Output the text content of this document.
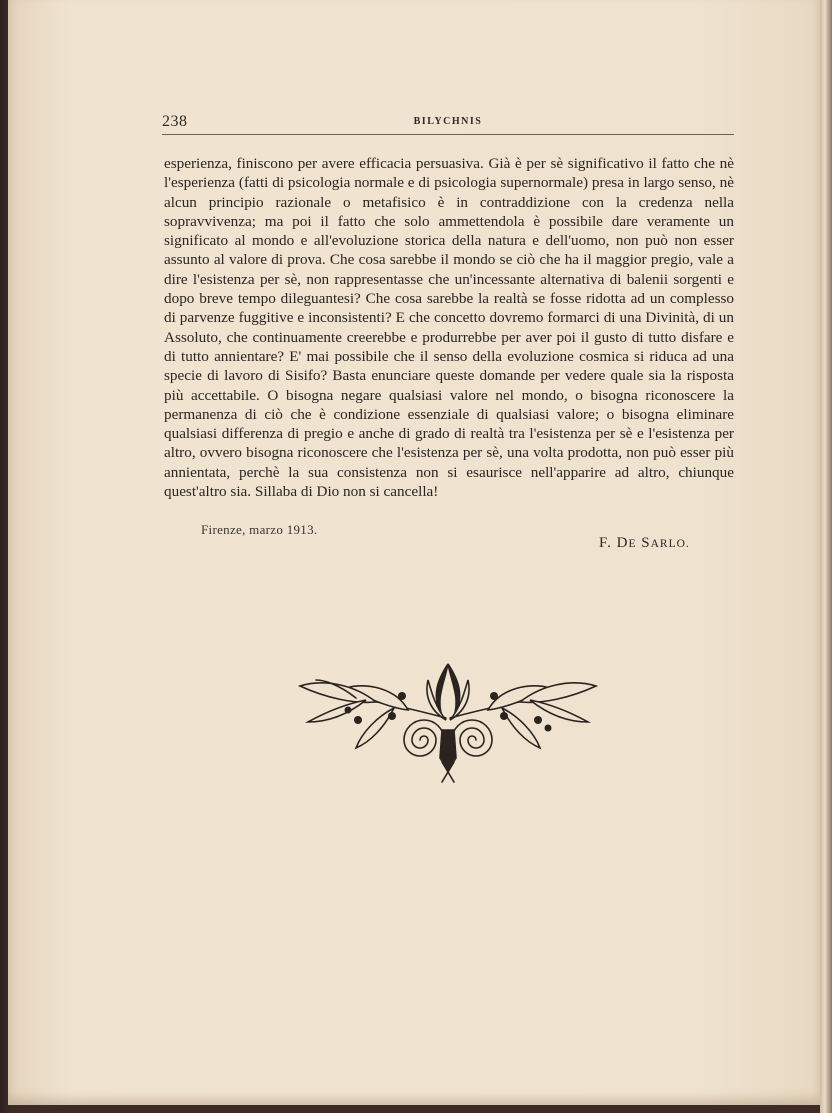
238	BILYCHNIS

esperienza, finiscono per avere efficacia persuasiva. Già è per sè significativo il fatto che nè l'esperienza (fatti di psicologia normale e di psicologia supernormale) presa in largo senso, nè alcun principio razionale o metafisico è in contraddizione con la credenza nella sopravvivenza; ma poi il fatto che solo ammettendola è possibile dare veramente un significato al mondo e all'evoluzione storica della natura e dell'uomo, non può non esser assunto al valore di prova. Che cosa sarebbe il mondo se ciò che ha il maggior pregio, vale a dire l'esistenza per sè, non rappresentasse che un'incessante alternativa di balenii sorgenti e dopo breve tempo dileguantesi? Che cosa sarebbe la realtà se fosse ridotta ad un complesso di parvenze fuggitive e inconsistenti? E che concetto dovremo formarci di una Divinità, di un Assoluto, che continuamente creerebbe e produrrebbe per aver poi il gusto di tutto disfare e di tutto annientare? E' mai possibile che il senso della evoluzione cosmica si riduca ad una specie di lavoro di Sisifo? Basta enunciare queste domande per vedere quale sia la risposta più accettabile. O bisogna negare qualsiasi valore nel mondo, o bisogna riconoscere la permanenza di ciò che è condizione essenziale di qualsiasi valore; o bisogna eliminare qualsiasi differenza di pregio e anche di grado di realtà tra l'esistenza per sè e l'esistenza per altro, ovvero bisogna riconoscere che l'esistenza per sè, una volta prodotta, non può esser più annientata, perchè la sua consistenza non si esaurisce nell'apparire ad altro, chiunque quest'altro sia. Sillaba di Dio non si cancella!

Firenze, marzo 1913.
F. DE SARLO.
